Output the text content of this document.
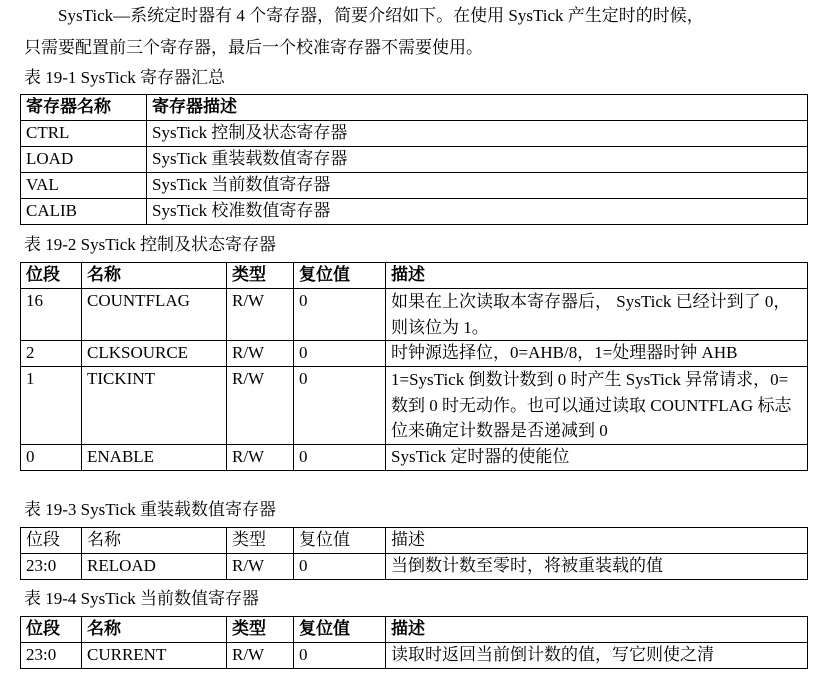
SysTick—系统定时器有 4 个寄存器，简要介绍如下。在使用 SysTick 产生定时的时候，

只需要配置前三个寄存器，最后一个校准寄存器不需要使用。

表 19-1 SysTick 寄存器汇总
寄存器名称	寄存器描述
CTRL	SysTick 控制及状态寄存器
LOAD	SysTick 重装载数值寄存器
VAL	SysTick 当前数值寄存器
CALIB	SysTick 校准数值寄存器
表 19-2 SysTick 控制及状态寄存器
位段	名称	类型	复位值	描述
16	COUNTFLAG	R/W	0	如果在上次读取本寄存器后， SysTick 已经计到了 0，则该位为 1。
2	CLKSOURCE	R/W	0	时钟源选择位，0=AHB/8，1=处理器时钟 AHB
1	TICKINT	R/W	0	1=SysTick 倒数计数到 0 时产生 SysTick 异常请求，0=数到 0 时无动作。也可以通过读取 COUNTFLAG 标志位来确定计数器是否递减到 0
0	ENABLE	R/W	0	SysTick 定时器的使能位
表 19-3 SysTick 重装载数值寄存器
位段	名称	类型	复位值	描述
23:0	RELOAD	R/W	0	当倒数计数至零时，将被重装载的值
表 19-4 SysTick 当前数值寄存器
位段	名称	类型	复位值	描述
23:0	CURRENT	R/W	0	读取时返回当前倒计数的值，写它则使之清
